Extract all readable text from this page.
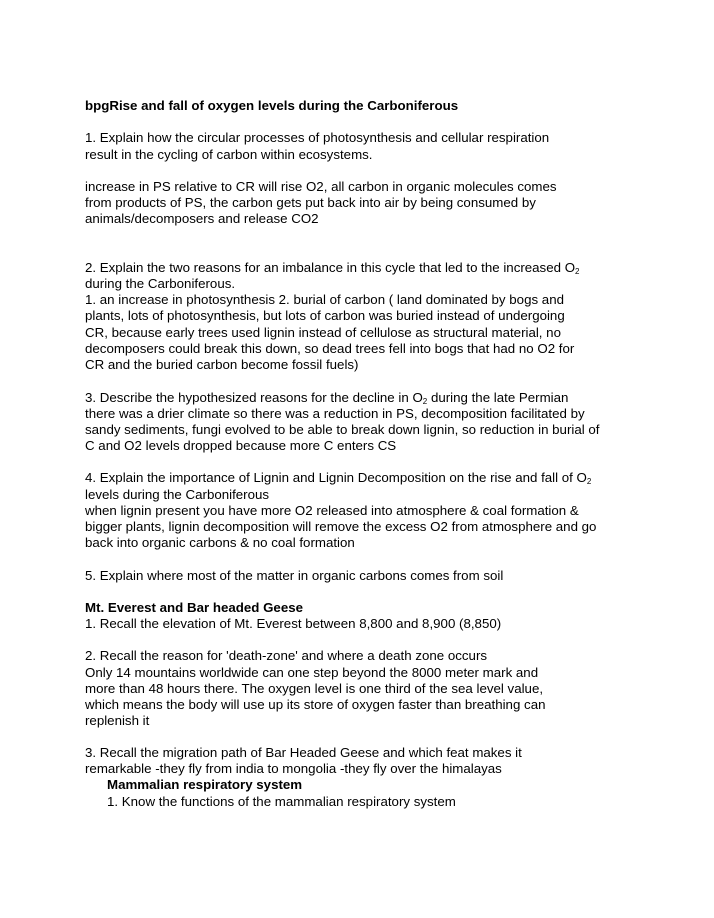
bpgRise and fall of oxygen levels during the Carboniferous
1. Explain how the circular processes of photosynthesis and cellular respiration
result in the cycling of carbon within ecosystems.
increase in PS relative to CR will rise O2, all carbon in organic molecules comes
from products of PS, the carbon gets put back into air by being consumed by
animals/decomposers and release CO2
2. Explain the two reasons for an imbalance in this cycle that led to the increased $O_2$
during the Carboniferous.
1. an increase in photosynthesis 2. burial of carbon ( land dominated by bogs and
plants, lots of photosynthesis, but lots of carbon was buried instead of undergoing
CR, because early trees used lignin instead of cellulose as structural material, no
decomposers could break this down, so dead trees fell into bogs that had no O2 for
CR and the buried carbon become fossil fuels)
3. Describe the hypothesized reasons for the decline in $O_2$ during the late Permian
there was a drier climate so there was a reduction in PS, decomposition facilitated by
sandy sediments, fungi evolved to be able to break down lignin, so reduction in burial of
C and O2 levels dropped because more C enters CS
4. Explain the importance of Lignin and Lignin Decomposition on the rise and fall of $O_2$
levels during the Carboniferous
when lignin present you have more O2 released into atmosphere & coal formation &
bigger plants, lignin decomposition will remove the excess O2 from atmosphere and go
back into organic carbons & no coal formation
5. Explain where most of the matter in organic carbons comes from soil
Mt. Everest and Bar headed Geese
1. Recall the elevation of Mt. Everest between 8,800 and 8,900 (8,850)
2. Recall the reason for 'death-zone' and where a death zone occurs
Only 14 mountains worldwide can one step beyond the 8000 meter mark and
more than 48 hours there. The oxygen level is one third of the sea level value,
which means the body will use up its store of oxygen faster than breathing can
replenish it
3. Recall the migration path of Bar Headed Geese and which feat makes it
remarkable -they fly from india to mongolia -they fly over the himalayas
Mammalian respiratory system
1. Know the functions of the mammalian respiratory system
